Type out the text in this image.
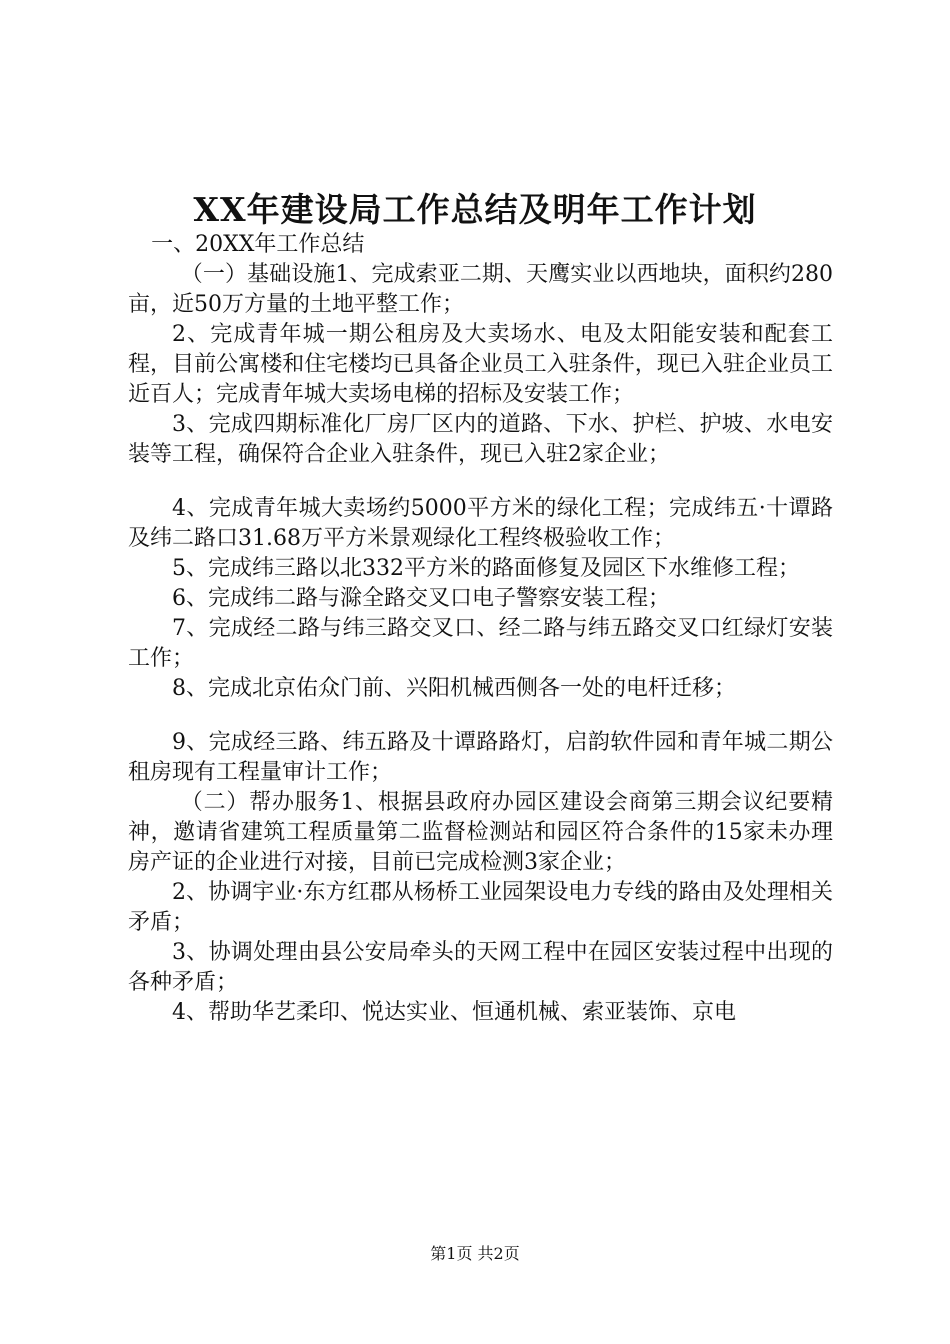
XX年建设局工作总结及明年工作计划

一、20XX年工作总结

（一）基础设施1、完成索亚二期、天鹰实业以西地块，面积约280亩，近50万方量的土地平整工作；

2、完成青年城一期公租房及大卖场水、电及太阳能安装和配套工程，目前公寓楼和住宅楼均已具备企业员工入驻条件，现已入驻企业员工近百人；完成青年城大卖场电梯的招标及安装工作；

3、完成四期标准化厂房厂区内的道路、下水、护栏、护坡、水电安装等工程，确保符合企业入驻条件，现已入驻2家企业；

4、完成青年城大卖场约5000平方米的绿化工程；完成纬五·十谭路及纬二路口31.68万平方米景观绿化工程终极验收工作；

5、完成纬三路以北332平方米的路面修复及园区下水维修工程；

6、完成纬二路与滁全路交叉口电子警察安装工程；

7、完成经二路与纬三路交叉口、经二路与纬五路交叉口红绿灯安装工作；

8、完成北京佑众门前、兴阳机械西侧各一处的电杆迁移；

9、完成经三路、纬五路及十谭路路灯，启韵软件园和青年城二期公租房现有工程量审计工作；

（二）帮办服务1、根据县政府办园区建设会商第三期会议纪要精神，邀请省建筑工程质量第二监督检测站和园区符合条件的15家未办理房产证的企业进行对接，目前已完成检测3家企业；

2、协调宇业·东方红郡从杨桥工业园架设电力专线的路由及处理相关矛盾；

3、协调处理由县公安局牵头的天网工程中在园区安装过程中出现的各种矛盾；

4、帮助华艺柔印、悦达实业、恒通机械、索亚装饰、京电

第1页 共2页
